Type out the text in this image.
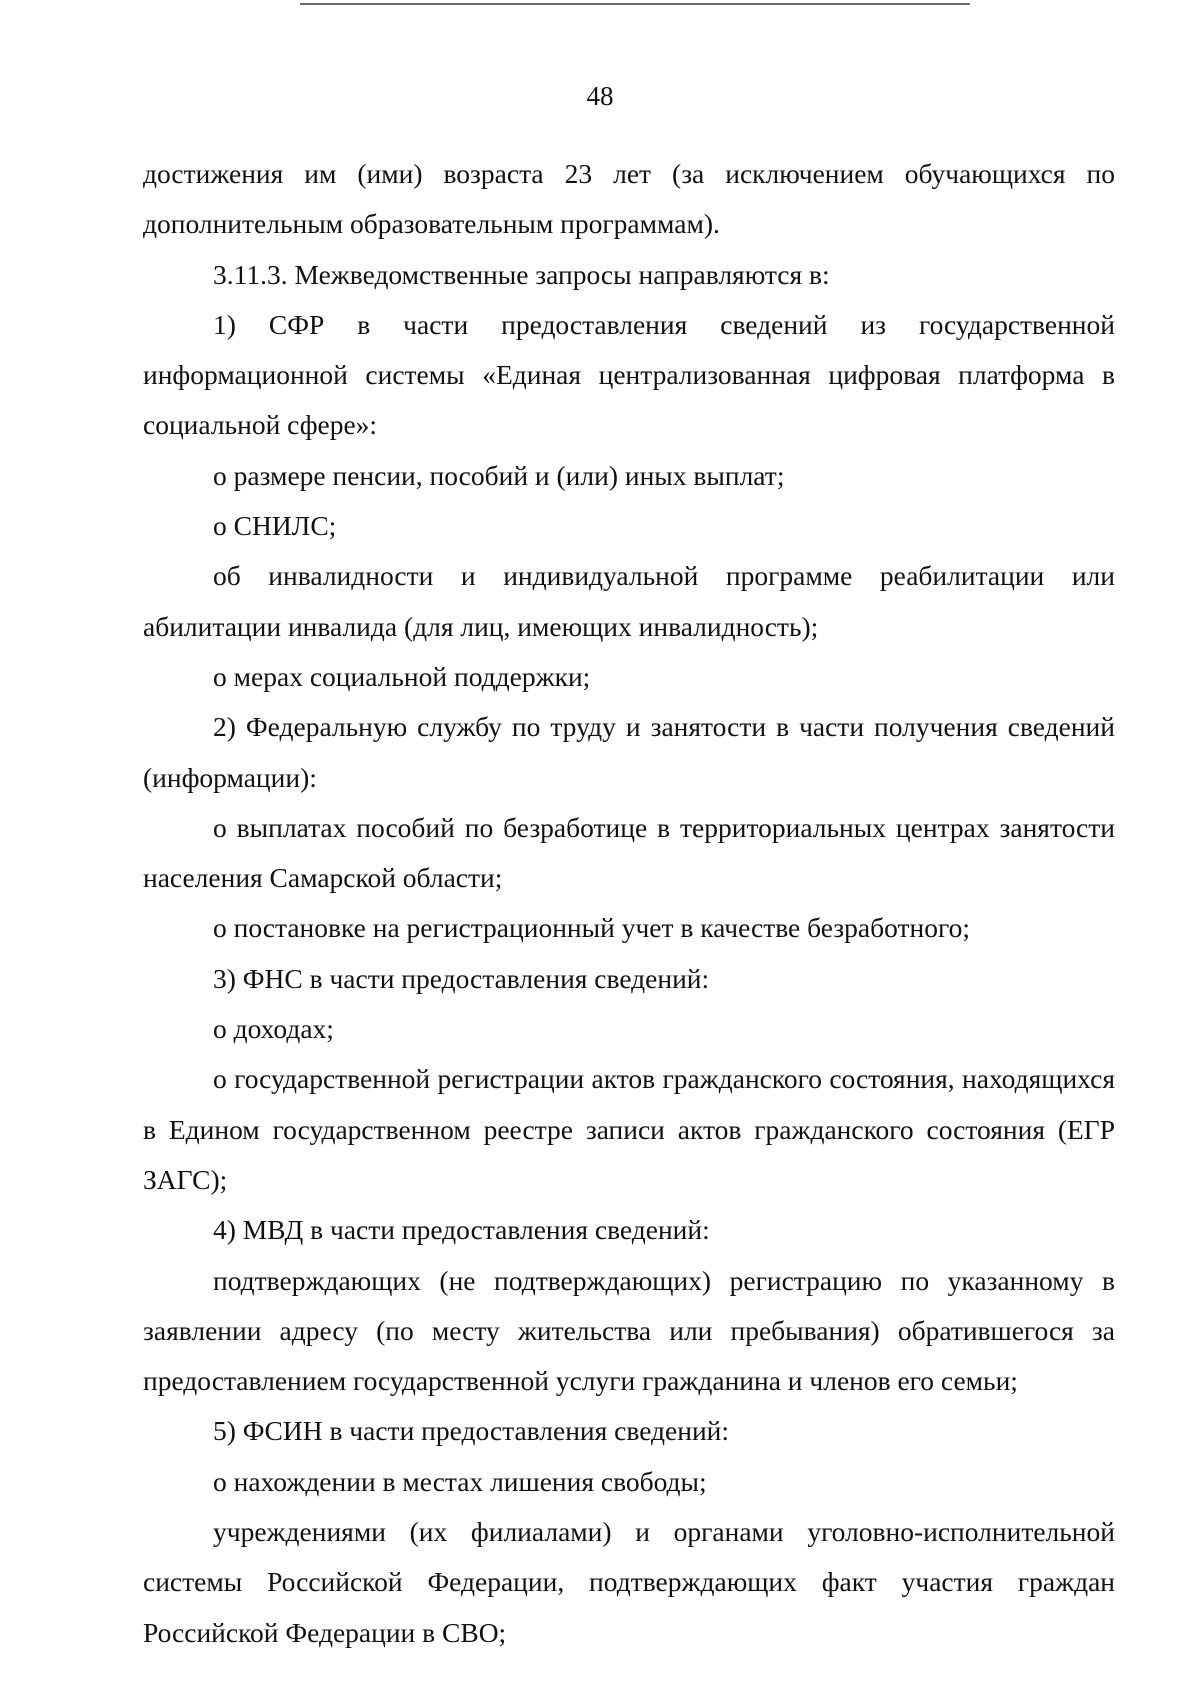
48

достижения им (ими) возраста 23 лет (за исключением обучающихся по дополнительным образовательным программам).

3.11.3. Межведомственные запросы направляются в:

1) СФР в части предоставления сведений из государственной информационной системы «Единая централизованная цифровая платформа в социальной сфере»:

о размере пенсии, пособий и (или) иных выплат;

о СНИЛС;

об инвалидности и индивидуальной программе реабилитации или абилитации инвалида (для лиц, имеющих инвалидность);

о мерах социальной поддержки;

2) Федеральную службу по труду и занятости в части получения сведений (информации):

о выплатах пособий по безработице в территориальных центрах занятости населения Самарской области;

о постановке на регистрационный учет в качестве безработного;

3) ФНС в части предоставления сведений:

о доходах;

о государственной регистрации актов гражданского состояния, находящихся в Едином государственном реестре записи актов гражданского состояния (ЕГР ЗАГС);

4) МВД в части предоставления сведений:

подтверждающих (не подтверждающих) регистрацию по указанному в заявлении адресу (по месту жительства или пребывания) обратившегося за предоставлением государственной услуги гражданина и членов его семьи;

5) ФСИН в части предоставления сведений:

о нахождении в местах лишения свободы;

учреждениями (их филиалами) и органами уголовно-исполнительной системы Российской Федерации, подтверждающих факт участия граждан Российской Федерации в СВО;
